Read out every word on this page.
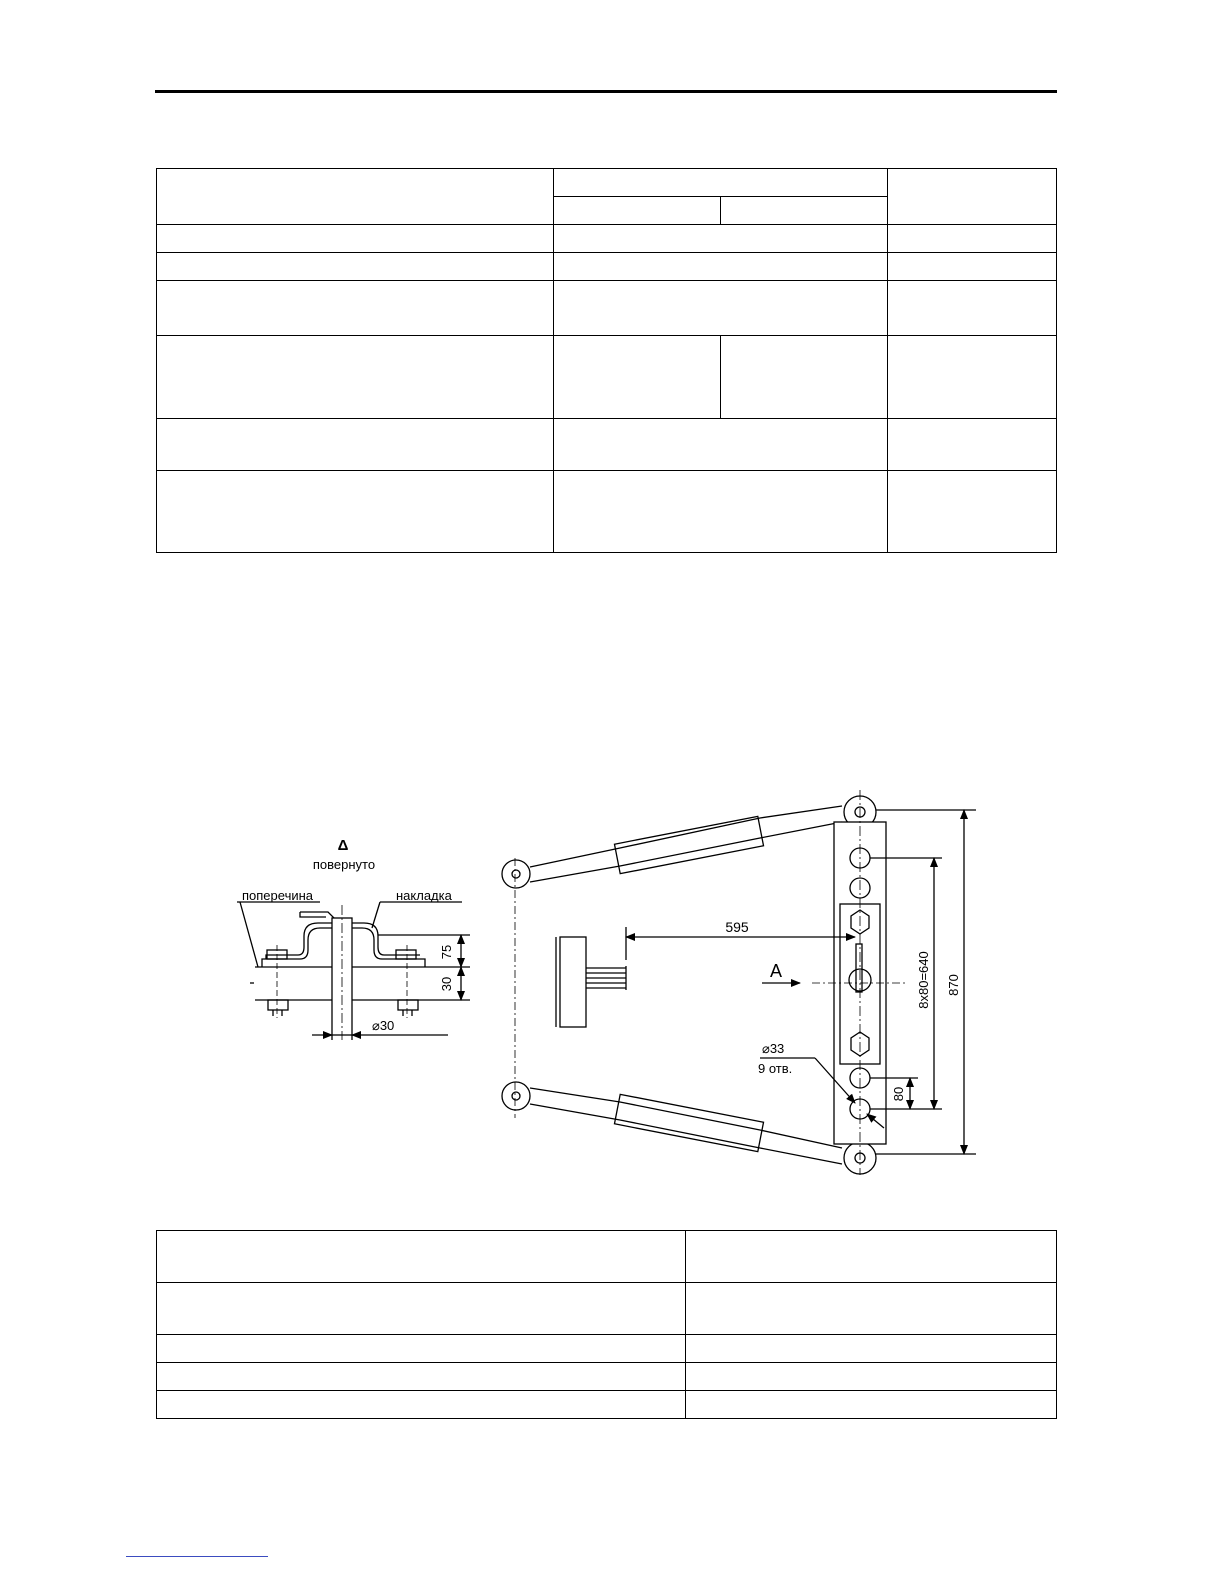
Δ
повернуто
поперечина	накладка
75
30
⌀30
595
A	8x80=640 870
⌀33
9 отв.
80
